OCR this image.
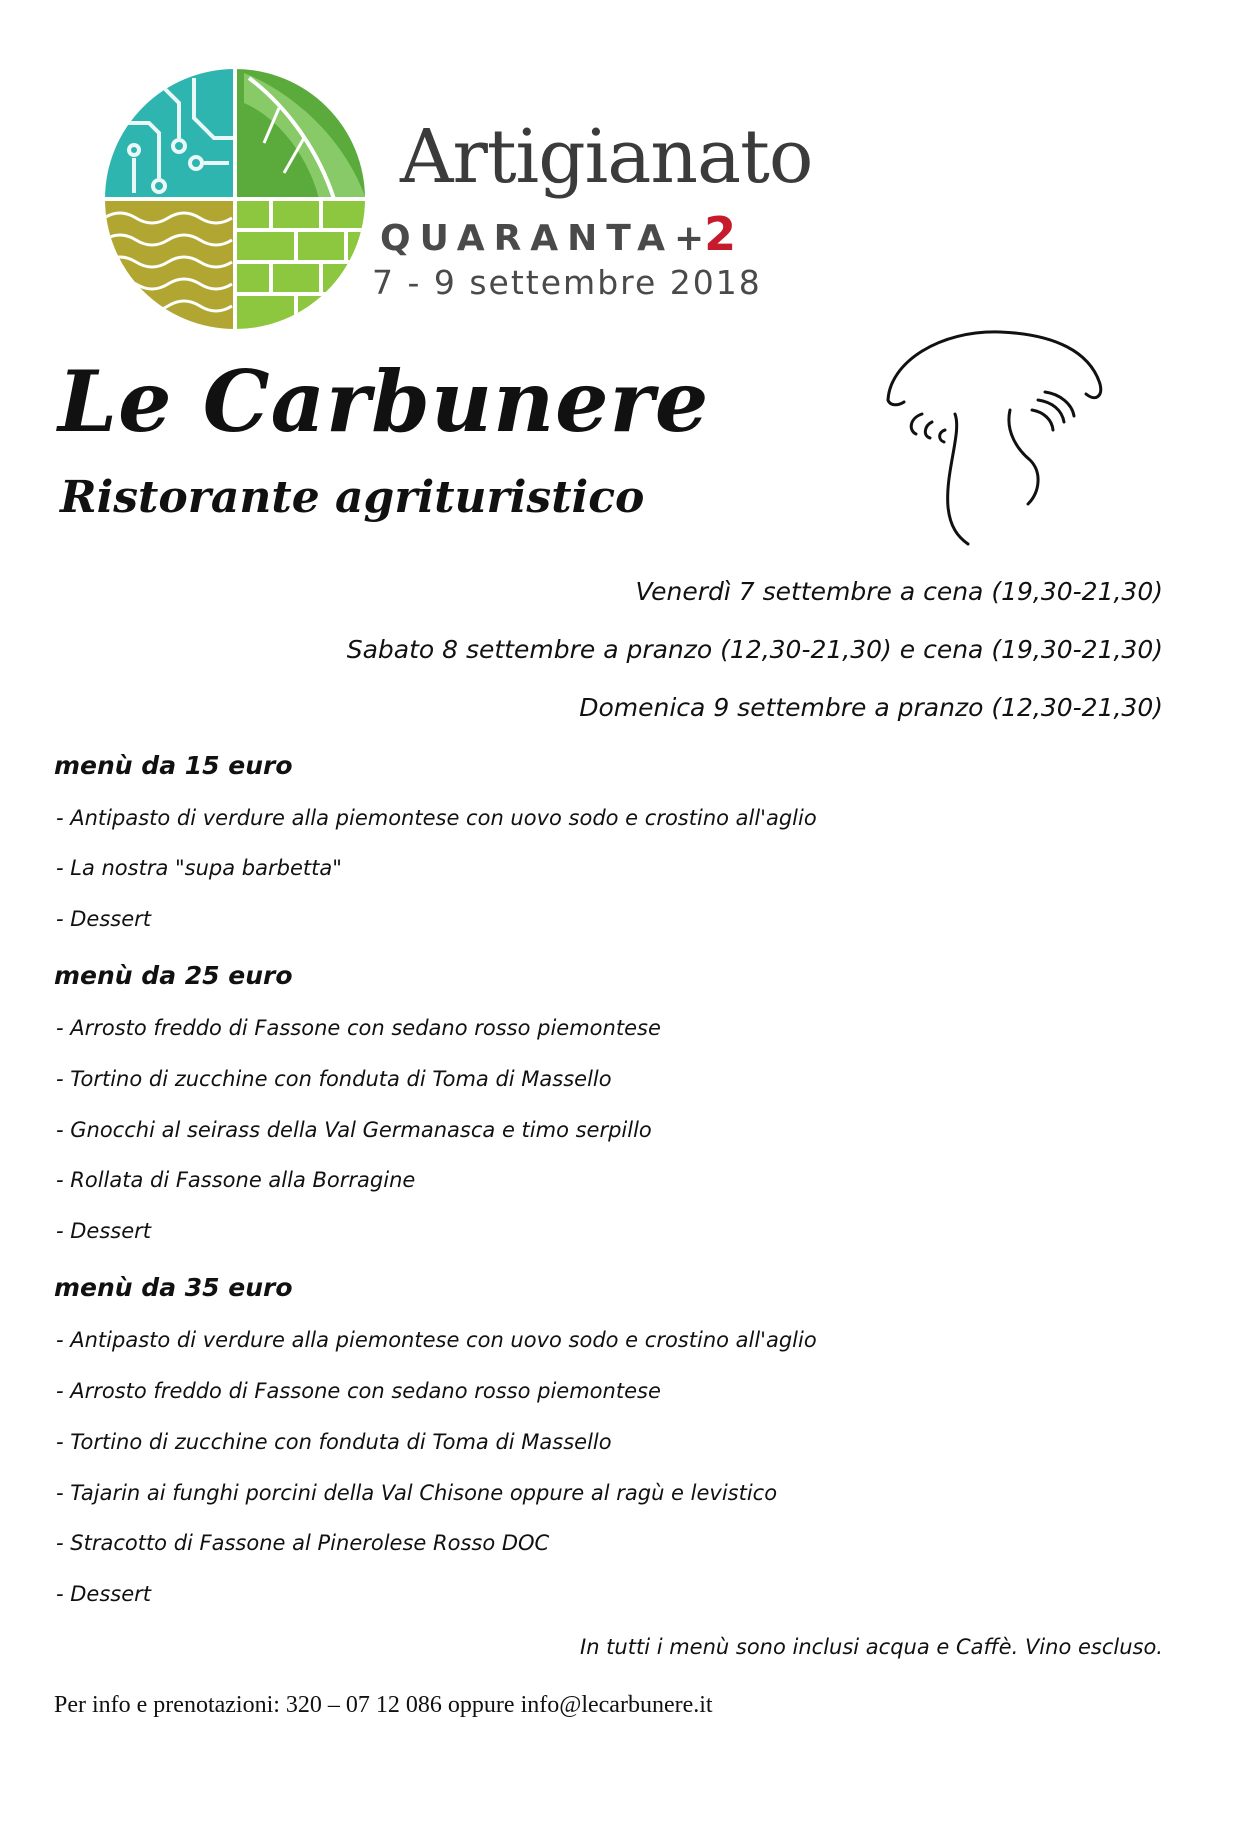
Artigianato
QUARANTA+2
7 - 9 settembre 2018
Le Carbunere
Ristorante agrituristico

Venerdì 7 settembre a cena (19,30-21,30)

Sabato 8 settembre a pranzo (12,30-21,30) e cena (19,30-21,30)

Domenica 9 settembre a pranzo (12,30-21,30)

menù da 15 euro

- Antipasto di verdure alla piemontese con uovo sodo e crostino all'aglio

- La nostra "supa barbetta"

- Dessert

menù da 25 euro

- Arrosto freddo di Fassone con sedano rosso piemontese

- Tortino di zucchine con fonduta di Toma di Massello

- Gnocchi al seirass della Val Germanasca e timo serpillo

- Rollata di Fassone alla Borragine

- Dessert

menù da 35 euro

- Antipasto di verdure alla piemontese con uovo sodo e crostino all'aglio

- Arrosto freddo di Fassone con sedano rosso piemontese

- Tortino di zucchine con fonduta di Toma di Massello

- Tajarin ai funghi porcini della Val Chisone oppure al ragù e levistico

- Stracotto di Fassone al Pinerolese Rosso DOC

- Dessert

In tutti i menù sono inclusi acqua e Caffè. Vino escluso.

Per info e prenotazioni: 320 – 07 12 086 oppure info@lecarbunere.it
